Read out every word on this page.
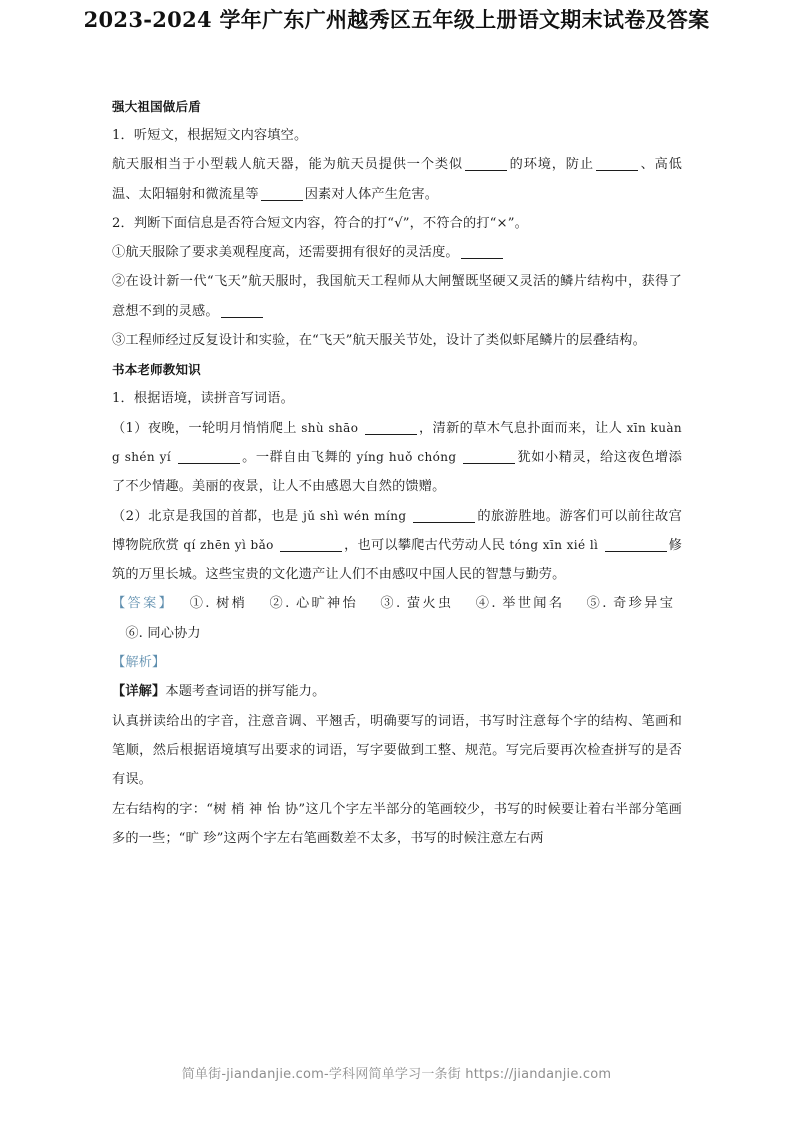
2023-2024 学年广东广州越秀区五年级上册语文期末试卷及答案
强大祖国做后盾
1．听短文，根据短文内容填空。
航天服相当于小型载人航天器，能为航天员提供一个类似	的环境，防止	、高低温、太阳辐射和微流星等	因素对人体产生危害。
2．判断下面信息是否符合短文内容，符合的打“√”，不符合的打“×”。
①航天服除了要求美观程度高，还需要拥有很好的灵活度。
②在设计新一代“飞天”航天服时，我国航天工程师从大闸蟹既坚硬又灵活的鳞片结构中，获得了意想不到的灵感。
③工程师经过反复设计和实验，在“飞天”航天服关节处，设计了类似虾尾鳞片的层叠结构。
书本老师教知识
1．根据语境，读拼音写词语。
（1）夜晚，一轮明月悄悄爬上 shù shāo	，清新的草木气息扑面而来，让人 xīn kuàng shén yí	。一群自由飞舞的 yíng huǒ chóng	犹如小精灵，给这夜色增添了不少情趣。美丽的夜景，让人不由感恩大自然的馈赠。
（2）北京是我国的首都，也是 jǔ shì wén míng	的旅游胜地。游客们可以前往故宫博物院欣赏 qí zhēn yì bǎo	，也可以攀爬古代劳动人民 tóng xīn xié lì	修筑的万里长城。这些宝贵的文化遗产让人们不由感叹中国人民的智慧与勤劳。
【答案】 ①. 树梢  ②. 心旷神怡  ③. 萤火虫  ④. 举世闻名  ⑤. 奇珍异宝  ⑥. 同心协力 
【解析】
【详解】本题考查词语的拼写能力。
认真拼读给出的字音，注意音调、平翘舌，明确要写的词语，书写时注意每个字的结构、笔画和笔顺，然后根据语境填写出要求的词语，写字要做到工整、规范。写完后要再次检查拼写的是否有误。
左右结构的字：“树 梢 神 怡 协”这几个字左半部分的笔画较少，书写的时候要让着右半部分笔画多的一些；“旷 珍”这两个字左右笔画数差不太多，书写的时候注意左右两
简单街-jiandanjie.com-学科网简单学习一条街 https://jiandanjie.com
